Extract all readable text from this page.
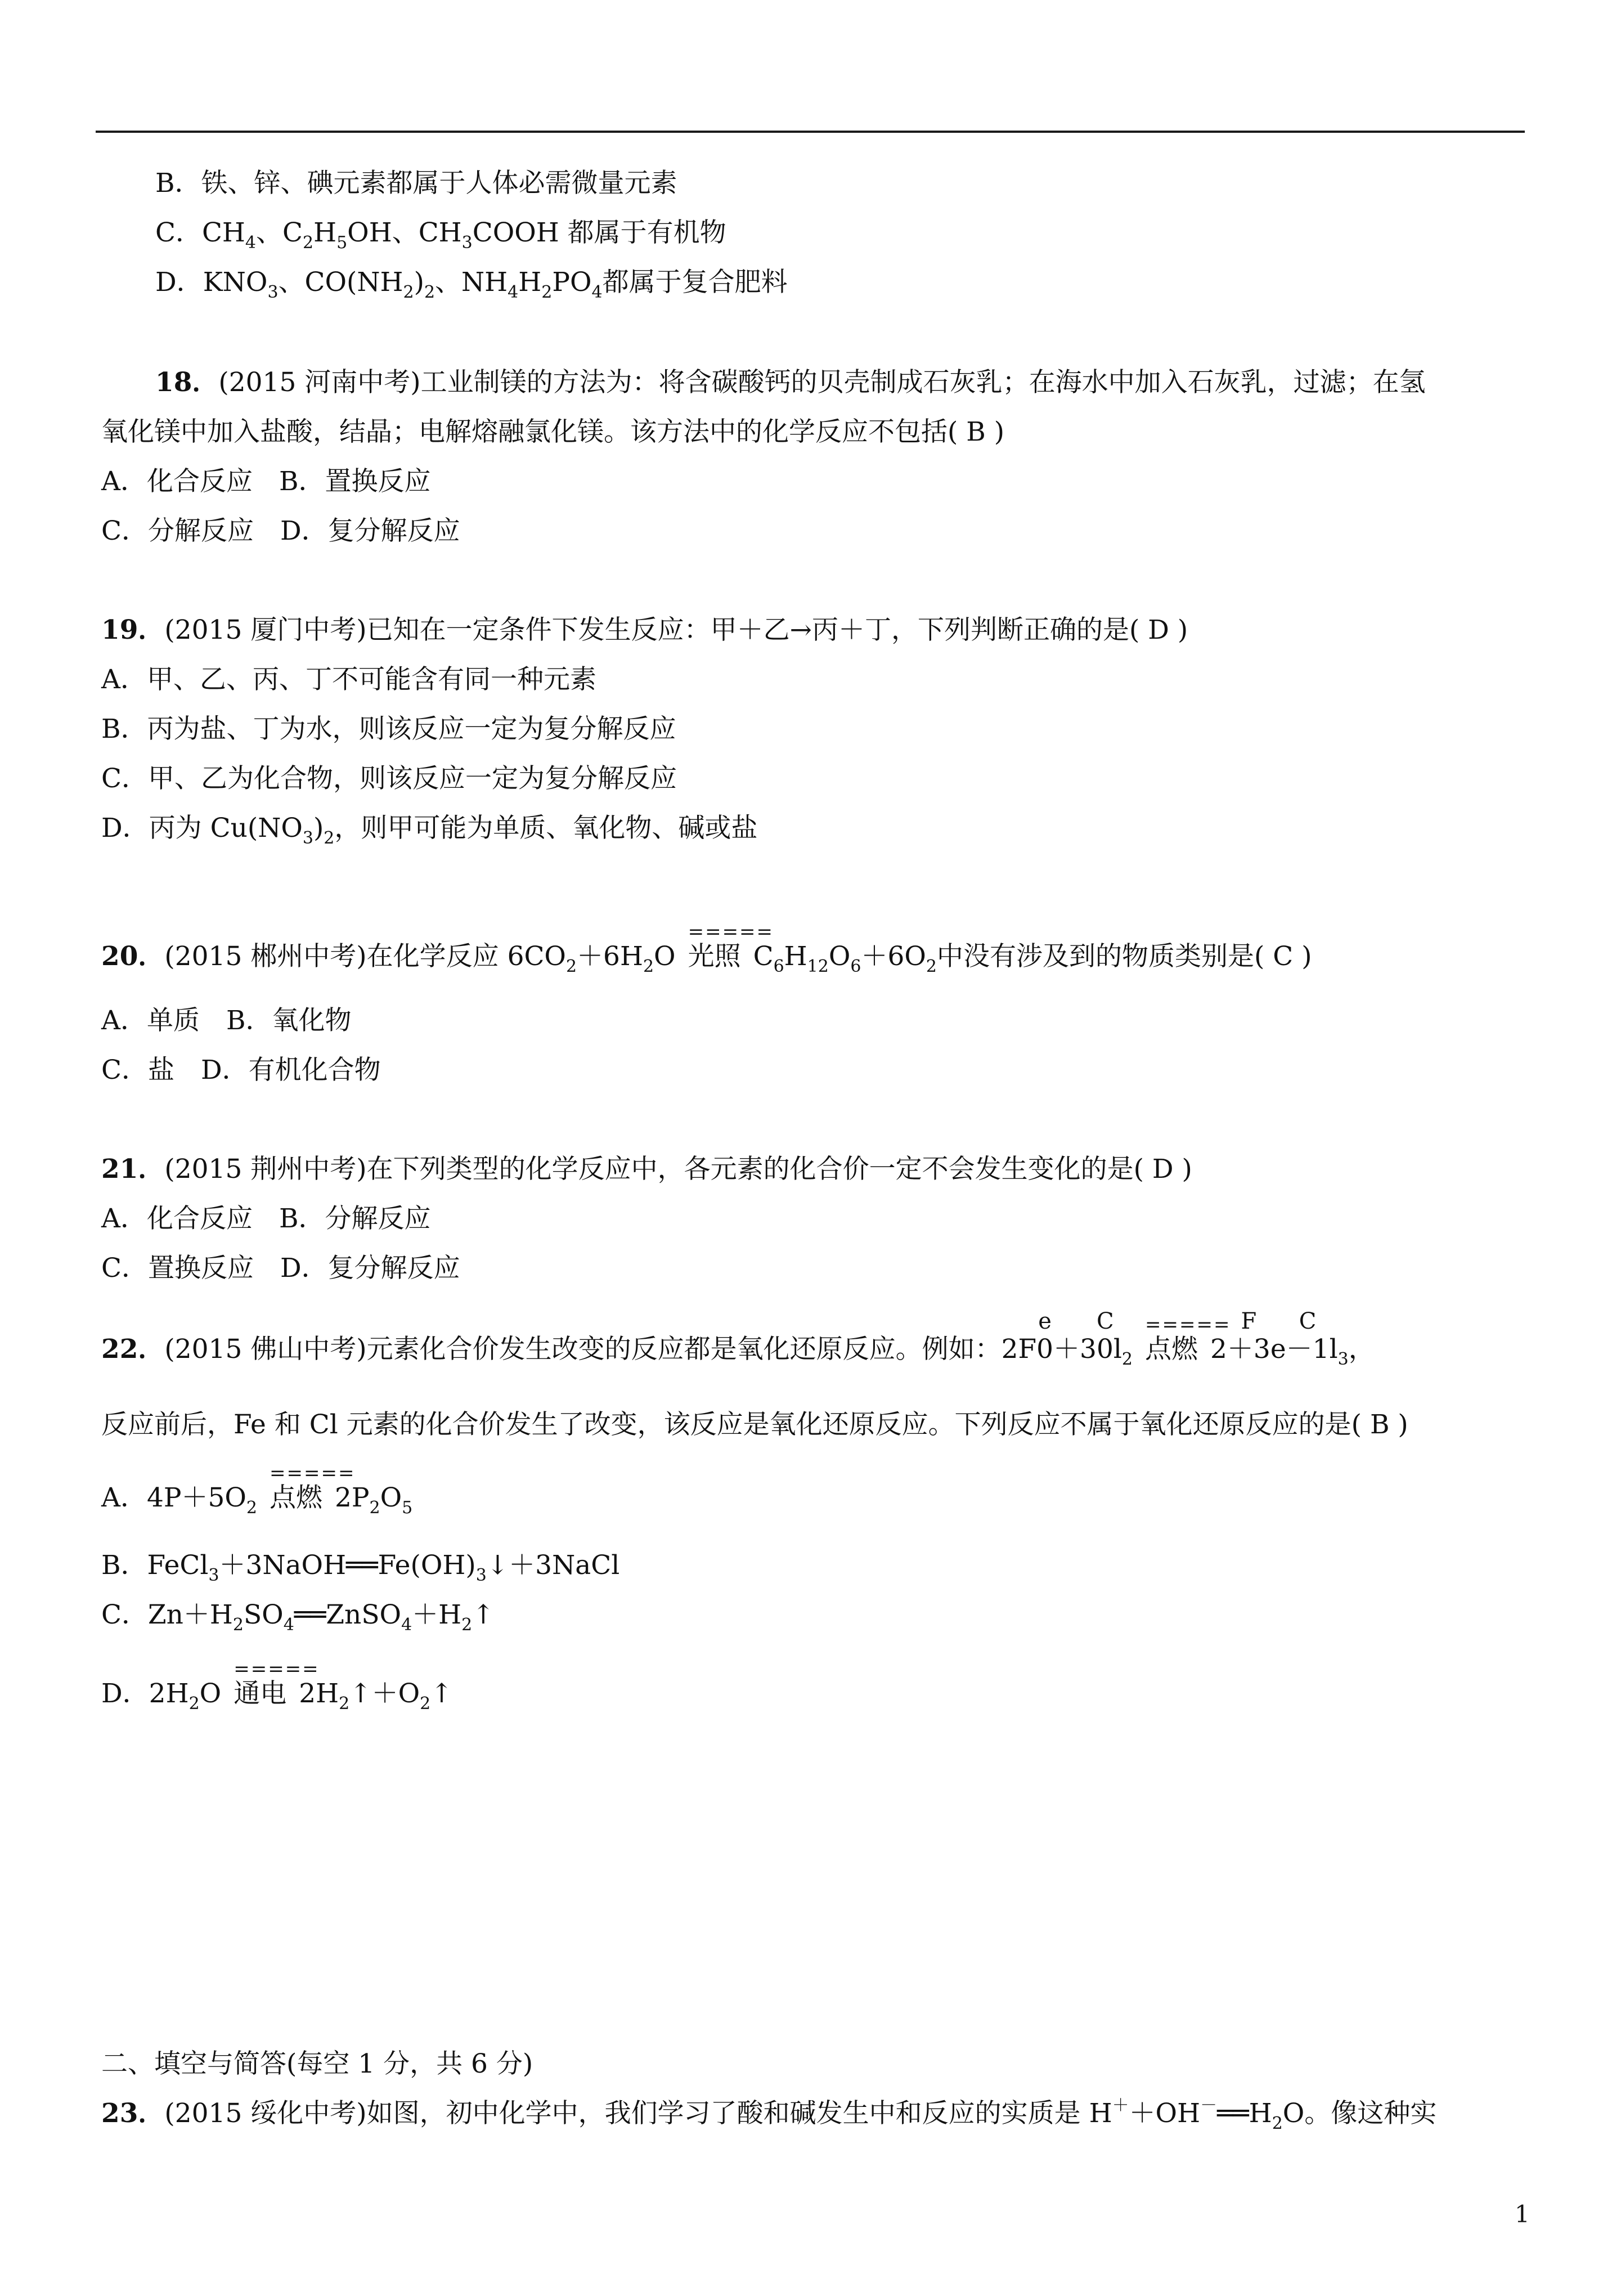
B．铁、锌、碘元素都属于人体必需微量元素
C．$CH_4$、$C_2H_5OH$、$CH_3COOH$ 都属于有机物
D．$KNO_3$、$CO(NH_2)_2$、$NH_4H_2PO_4$都属于复合肥料
18．(2015 河南中考)工业制镁的方法为：将含碳酸钙的贝壳制成石灰乳；在海水中加入石灰乳，过滤；在氢
氧化镁中加入盐酸，结晶；电解熔融氯化镁。该方法中的化学反应不包括( B )
A．化合反应　B．置换反应
C．分解反应　D．复分解反应
19．(2015 厦门中考)已知在一定条件下发生反应：甲＋乙→丙＋丁，下列判断正确的是( D )
A．甲、乙、丙、丁不可能含有同一种元素
B．丙为盐、丁为水，则该反应一定为复分解反应
C．甲、乙为化合物，则该反应一定为复分解反应
D．丙为 $Cu(NO_3)_2$，则甲可能为单质、氧化物、碱或盐
20．(2015 郴州中考)在化学反应 $6CO_2+6H_2O$
=====
光照 $C_6H_{12}O_6+6O_2$中没有涉及到的物质类别是( C )
A．单质　B．氧化物
C．盐　D．有机化合物
21．(2015 荆州中考)在下列类型的化学反应中，各元素的化合价一定不会发生变化的是( D )
A．化合反应　B．分解反应
C．置换反应　D．复分解反应
22．(2015 佛山中考)元素化合价发生改变的反应都是氧化还原反应。例如：2F
e
0＋3
C
$0l_2$
=====
点燃 2
F
＋3e
C
$-1l_3$，
反应前后，Fe 和 Cl 元素的化合价发生了改变，该反应是氧化还原反应。下列反应不属于氧化还原反应的是( B )
A．$4P+5O_2$
=====
点燃 $2P_2O_5$
B．$FeCl_3+3NaOH══Fe(OH)_3↓+3NaCl$
C．$Zn+H_2SO_4══ZnSO_4+H_2↑$
D．$2H_2O$
=====
通电 $2H_2↑+O_2↑$
二、填空与简答(每空 1 分，共 6 分)
23．(2015 绥化中考)如图，初中化学中，我们学习了酸和碱发生中和反应的实质是 $H^++OH^-══H_2O$。像这种实
1
